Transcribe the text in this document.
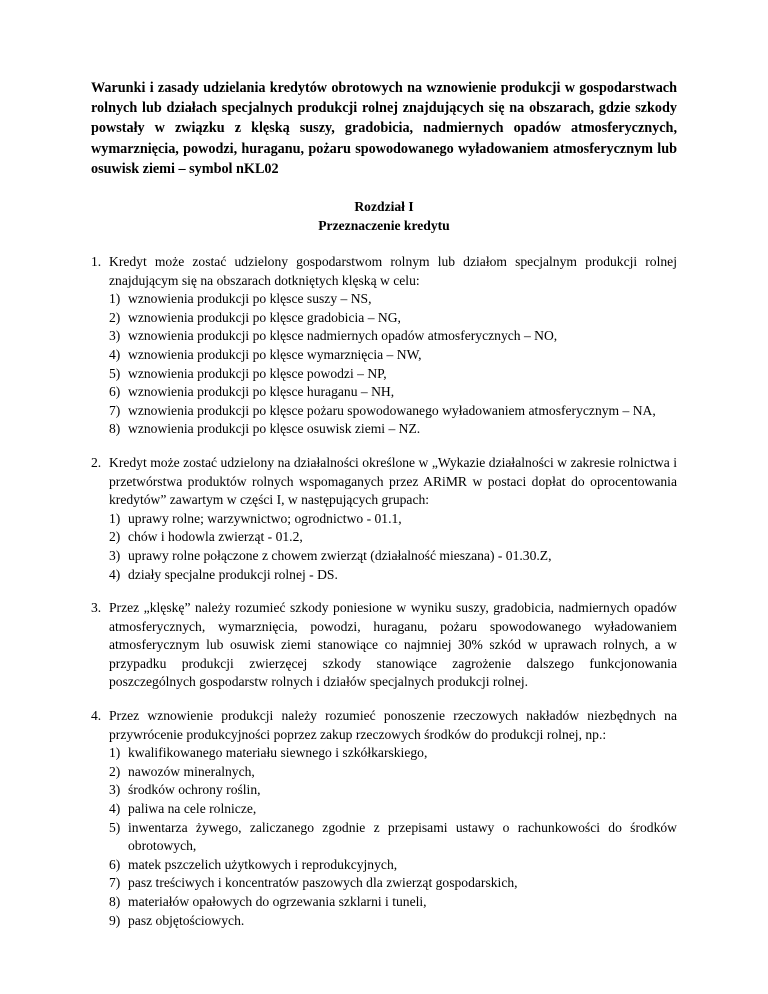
Warunki i zasady udzielania kredytów obrotowych na wznowienie produkcji w gospodarstwach rolnych lub działach specjalnych produkcji rolnej znajdujących się na obszarach, gdzie szkody powstały w związku z klęską suszy, gradobicia, nadmiernych opadów atmosferycznych, wymarznięcia, powodzi, huraganu, pożaru spowodowanego wyładowaniem atmosferycznym lub osuwisk ziemi – symbol nKL02

Rozdział I
Przeznaczenie kredytu
1. Kredyt może zostać udzielony gospodarstwom rolnym lub działom specjalnym produkcji rolnej znajdującym się na obszarach dotkniętych klęską w celu:
1) wznowienia produkcji po klęsce suszy – NS,
2) wznowienia produkcji po klęsce gradobicia – NG,
3) wznowienia produkcji po klęsce nadmiernych opadów atmosferycznych – NO,
4) wznowienia produkcji po klęsce wymarznięcia – NW,
5) wznowienia produkcji po klęsce powodzi – NP,
6) wznowienia produkcji po klęsce huraganu – NH,
7) wznowienia produkcji po klęsce pożaru spowodowanego wyładowaniem atmosferycznym – NA,
8) wznowienia produkcji po klęsce osuwisk ziemi – NZ.
2. Kredyt może zostać udzielony na działalności określone w „Wykazie działalności w zakresie rolnictwa i przetwórstwa produktów rolnych wspomaganych przez ARiMR w postaci dopłat do oprocentowania kredytów” zawartym w części I, w następujących grupach:
1) uprawy rolne; warzywnictwo; ogrodnictwo - 01.1,
2) chów i hodowla zwierząt - 01.2,
3) uprawy rolne połączone z chowem zwierząt (działalność mieszana) - 01.30.Z,
4) działy specjalne produkcji rolnej - DS.
3. Przez „klęskę” należy rozumieć szkody poniesione w wyniku suszy, gradobicia, nadmiernych opadów atmosferycznych, wymarznięcia, powodzi, huraganu, pożaru spowodowanego wyładowaniem atmosferycznym lub osuwisk ziemi stanowiące co najmniej 30% szkód w uprawach rolnych, a w przypadku produkcji zwierzęcej szkody stanowiące zagrożenie dalszego funkcjonowania poszczególnych gospodarstw rolnych i działów specjalnych produkcji rolnej.
4. Przez wznowienie produkcji należy rozumieć ponoszenie rzeczowych nakładów niezbędnych na przywrócenie produkcyjności poprzez zakup rzeczowych środków do produkcji rolnej, np.:
1) kwalifikowanego materiału siewnego i szkółkarskiego,
2) nawozów mineralnych,
3) środków ochrony roślin,
4) paliwa na cele rolnicze,
5) inwentarza żywego, zaliczanego zgodnie z przepisami ustawy o rachunkowości do środków obrotowych,
6) matek pszczelich użytkowych i reprodukcyjnych,
7) pasz treściwych i koncentratów paszowych dla zwierząt gospodarskich,
8) materiałów opałowych do ogrzewania szklarni i tuneli,
9) pasz objętościowych.
